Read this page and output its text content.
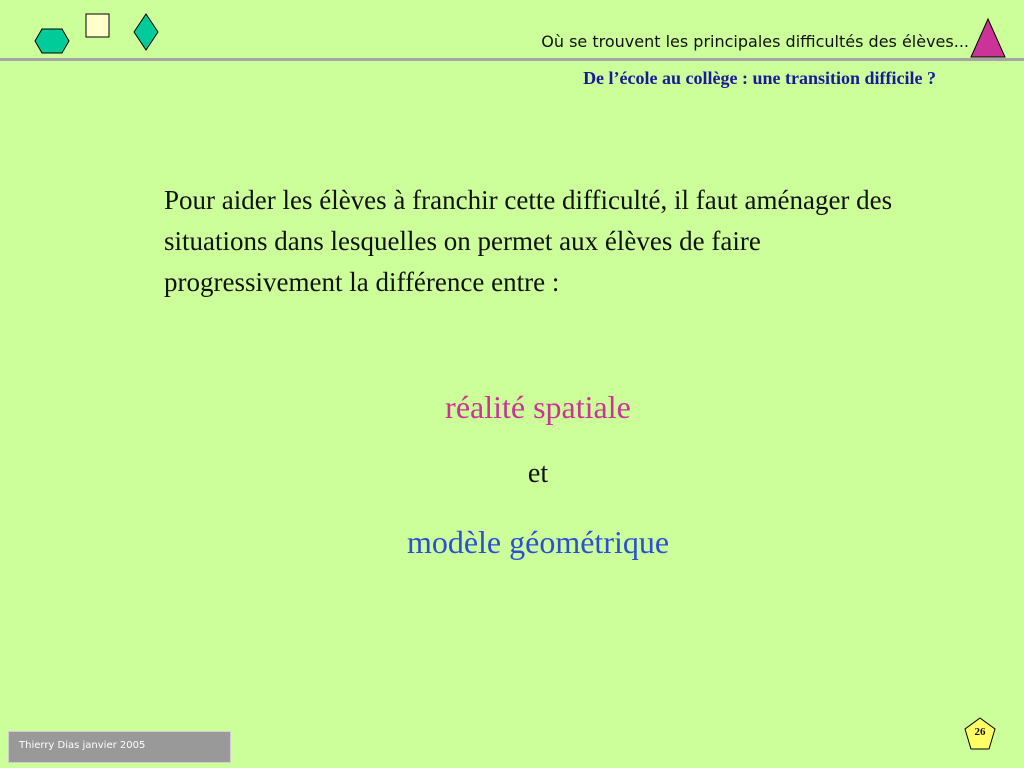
Où se trouvent les principales difficultés des élèves...
De l’école au collège : une transition difficile ?
Pour aider les élèves à franchir cette difficulté, il faut aménager des situations dans lesquelles on permet aux élèves de faire progressivement la différence entre :
réalité spatiale
et
modèle géométrique
Thierry Dias janvier 2005
26
